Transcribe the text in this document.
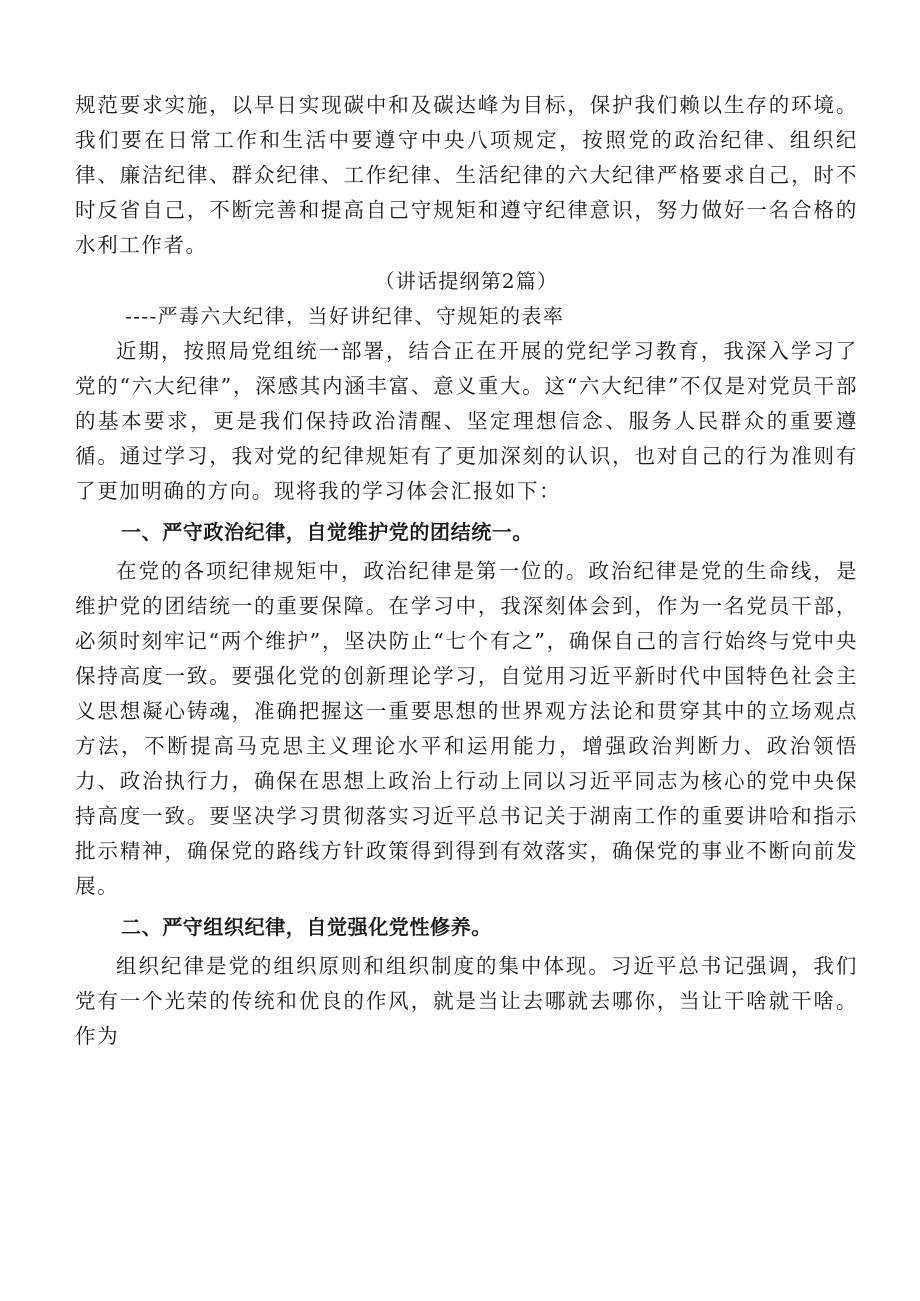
规范要求实施，以早日实现碳中和及碳达峰为目标，保护我们赖以生存的环境。我们要在日常工作和生活中要遵守中央八项规定，按照党的政治纪律、组织纪律、廉洁纪律、群众纪律、工作纪律、生活纪律的六大纪律严格要求自己，时不时反省自己，不断完善和提高自己守规矩和遵守纪律意识，努力做好一名合格的水利工作者。

（讲话提纲第2篇）

----严毒六大纪律，当好讲纪律、守规矩的表率

近期，按照局党组统一部署，结合正在开展的党纪学习教育，我深入学习了党的“六大纪律”，深感其内涵丰富、意义重大。这“六大纪律”不仅是对党员干部的基本要求，更是我们保持政治清醒、坚定理想信念、服务人民群众的重要遵循。通过学习，我对党的纪律规矩有了更加深刻的认识，也对自己的行为准则有了更加明确的方向。现将我的学习体会汇报如下：

一、严守政治纪律，自觉维护党的团结统一。

在党的各项纪律规矩中，政治纪律是第一位的。政治纪律是党的生命线，是维护党的团结统一的重要保障。在学习中，我深刻体会到，作为一名党员干部，必须时刻牢记“两个维护”，坚决防止“七个有之”，确保自己的言行始终与党中央保持高度一致。要强化党的创新理论学习，自觉用习近平新时代中国特色社会主义思想凝心铸魂，准确把握这一重要思想的世界观方法论和贯穿其中的立场观点方法，不断提高马克思主义理论水平和运用能力，增强政治判断力、政治领悟力、政治执行力，确保在思想上政治上行动上同以习近平同志为核心的党中央保持高度一致。要坚决学习贯彻落实习近平总书记关于湖南工作的重要讲哈和指示批示精神，确保党的路线方针政策得到得到有效落实，确保党的事业不断向前发展。

二、严守组织纪律，自觉强化党性修养。

组织纪律是党的组织原则和组织制度的集中体现。习近平总书记强调，我们党有一个光荣的传统和优良的作风，就是当让去哪就去哪你，当让干啥就干啥。作为
